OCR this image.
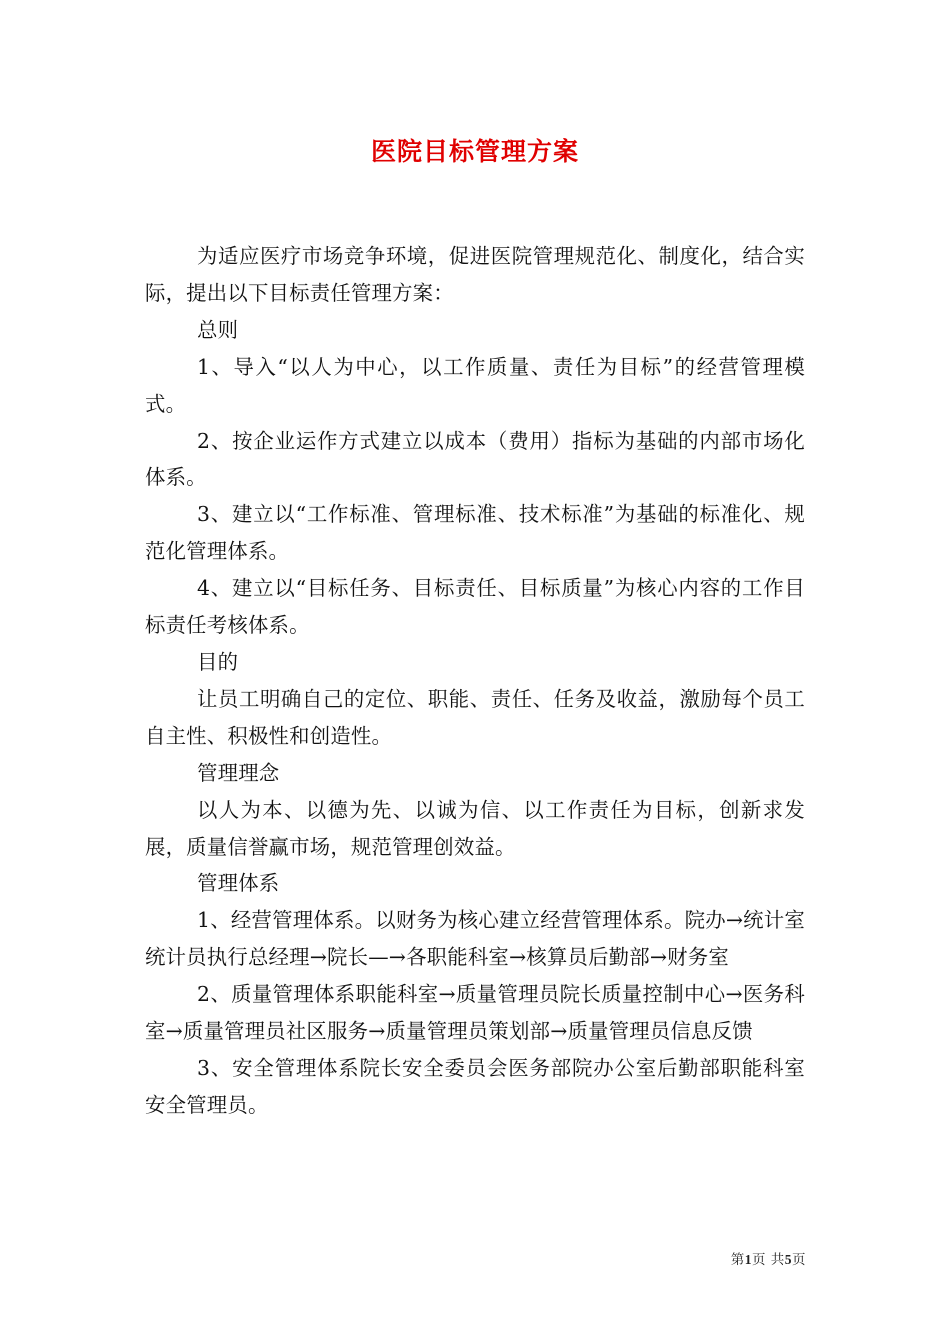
医院目标管理方案

为适应医疗市场竞争环境，促进医院管理规范化、制度化，结合实际，提出以下目标责任管理方案：

总则

1、导入“以人为中心，以工作质量、责任为目标”的经营管理模式。

2、按企业运作方式建立以成本（费用）指标为基础的内部市场化体系。

3、建立以“工作标准、管理标准、技术标准”为基础的标准化、规范化管理体系。

4、建立以“目标任务、目标责任、目标质量”为核心内容的工作目标责任考核体系。

目的

让员工明确自己的定位、职能、责任、任务及收益，激励每个员工自主性、积极性和创造性。

管理理念

以人为本、以德为先、以诚为信、以工作责任为目标，创新求发展，质量信誉赢市场，规范管理创效益。

管理体系

1、经营管理体系。以财务为核心建立经营管理体系。院办→统计室统计员执行总经理→院长—→各职能科室→核算员后勤部→财务室

2、质量管理体系职能科室→质量管理员院长质量控制中心→医务科室→质量管理员社区服务→质量管理员策划部→质量管理员信息反馈

3、安全管理体系院长安全委员会医务部院办公室后勤部职能科室安全管理员。

第1页 共5页
